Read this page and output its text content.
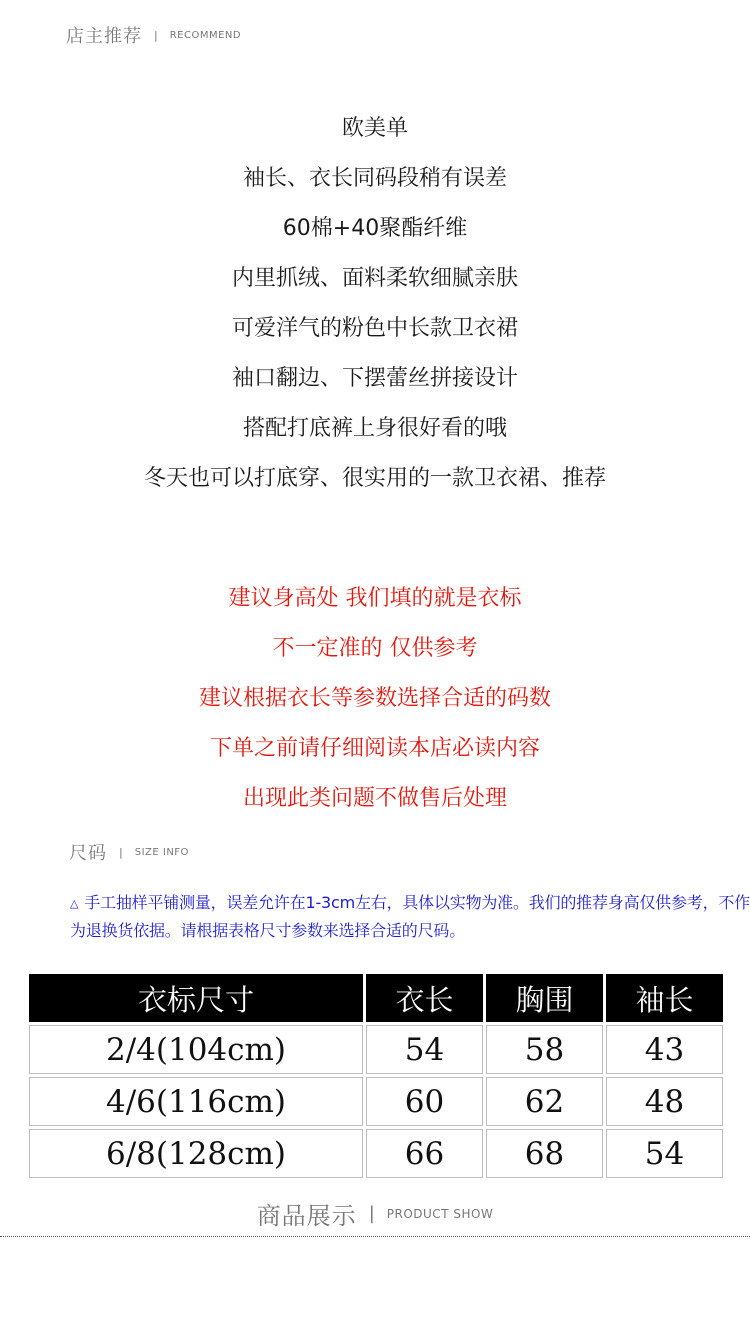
店主推荐 | RECOMMEND
欧美单
袖长、衣长同码段稍有误差
60棉+40聚酯纤维
内里抓绒、面料柔软细腻亲肤
可爱洋气的粉色中长款卫衣裙
袖口翻边、下摆蕾丝拼接设计
搭配打底裤上身很好看的哦
冬天也可以打底穿、很实用的一款卫衣裙、推荐
建议身高处 我们填的就是衣标
不一定准的 仅供参考
建议根据衣长等参数选择合适的码数
下单之前请仔细阅读本店必读内容
出现此类问题不做售后处理
尺码 | SIZE INFO
△ 手工抽样平铺测量，误差允许在1-3cm左右，具体以实物为准。我们的推荐身高仅供参考，不作为退换货依据。请根据表格尺寸参数来选择合适的尺码。
衣标尺寸	衣长	胸围	袖长
2/4(104cm)	54	58	43
4/6(116cm)	60	62	48
6/8(128cm)	66	68	54
商品展示 | PRODUCT SHOW
